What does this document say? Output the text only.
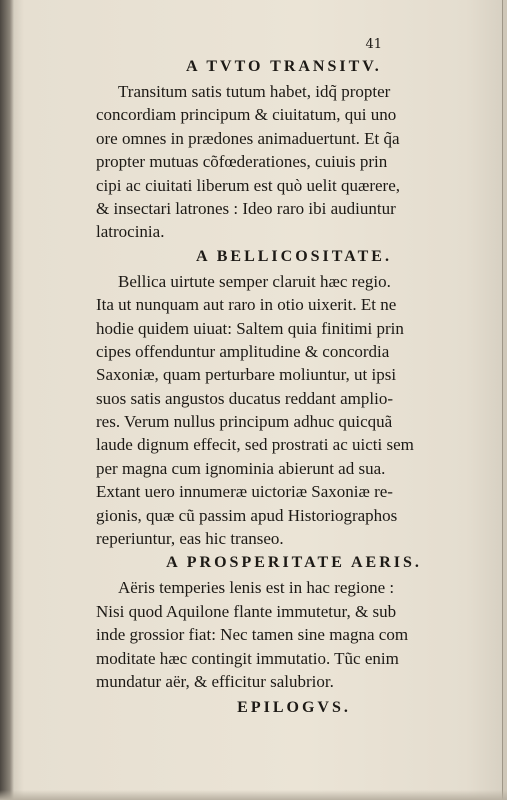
41
A TVTO TRANSITV.
Transitum satis tutum habet, idq̃ propter
concordiam principum & ciuitatum, qui uno
ore omnes in prædones animaduertunt. Et q̃a
propter mutuas cõfœderationes, cuiuis prin
cipi ac ciuitati liberum est quò uelit quærere,
& insectari latrones : Ideo raro ibi audiuntur
latrocinia.
A BELLICOSITATE.
Bellica uirtute semper claruit hæc regio.
Ita ut nunquam aut raro in otio uixerit. Et ne
hodie quidem uiuat: Saltem quia finitimi prin
cipes offenduntur amplitudine & concordia
Saxoniæ, quam perturbare moliuntur, ut ipsi
suos satis angustos ducatus reddant amplio-
res. Verum nullus principum adhuc quicquã
laude dignum effecit, sed prostrati ac uicti sem
per magna cum ignominia abierunt ad sua.
Extant uero innumeræ uictoriæ Saxoniæ re-
gionis, quæ cũ passim apud Historiographos
reperiuntur, eas hic transeo.
A PROSPERITATE AERIS.
Aëris temperies lenis est in hac regione :
Nisi quod Aquilone flante immutetur, & sub
inde grossior fiat: Nec tamen sine magna com
moditate hæc contingit immutatio. Tũc enim
mundatur aër, & efficitur salubrior.
EPILOGVS.
